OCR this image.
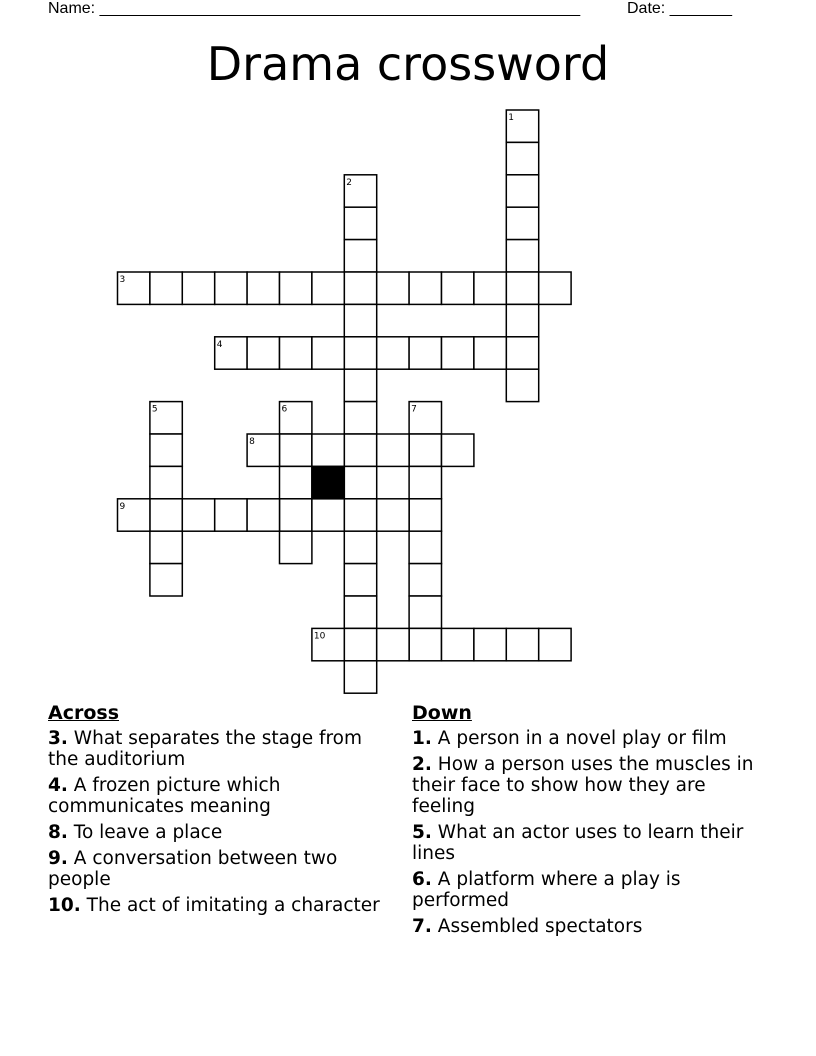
Name: ______________________________________________________	Date: _______
Drama crossword
1
2
3
4
5	6	7
8
9
10
Across
3. What separates the stage from the auditorium
4. A frozen picture which communicates meaning
8. To leave a place
9. A conversation between two people
10. The act of imitating a character
Down
1. A person in a novel play or film
2. How a person uses the muscles in their face to show how they are feeling
5. What an actor uses to learn their lines
6. A platform where a play is performed
7. Assembled spectators
